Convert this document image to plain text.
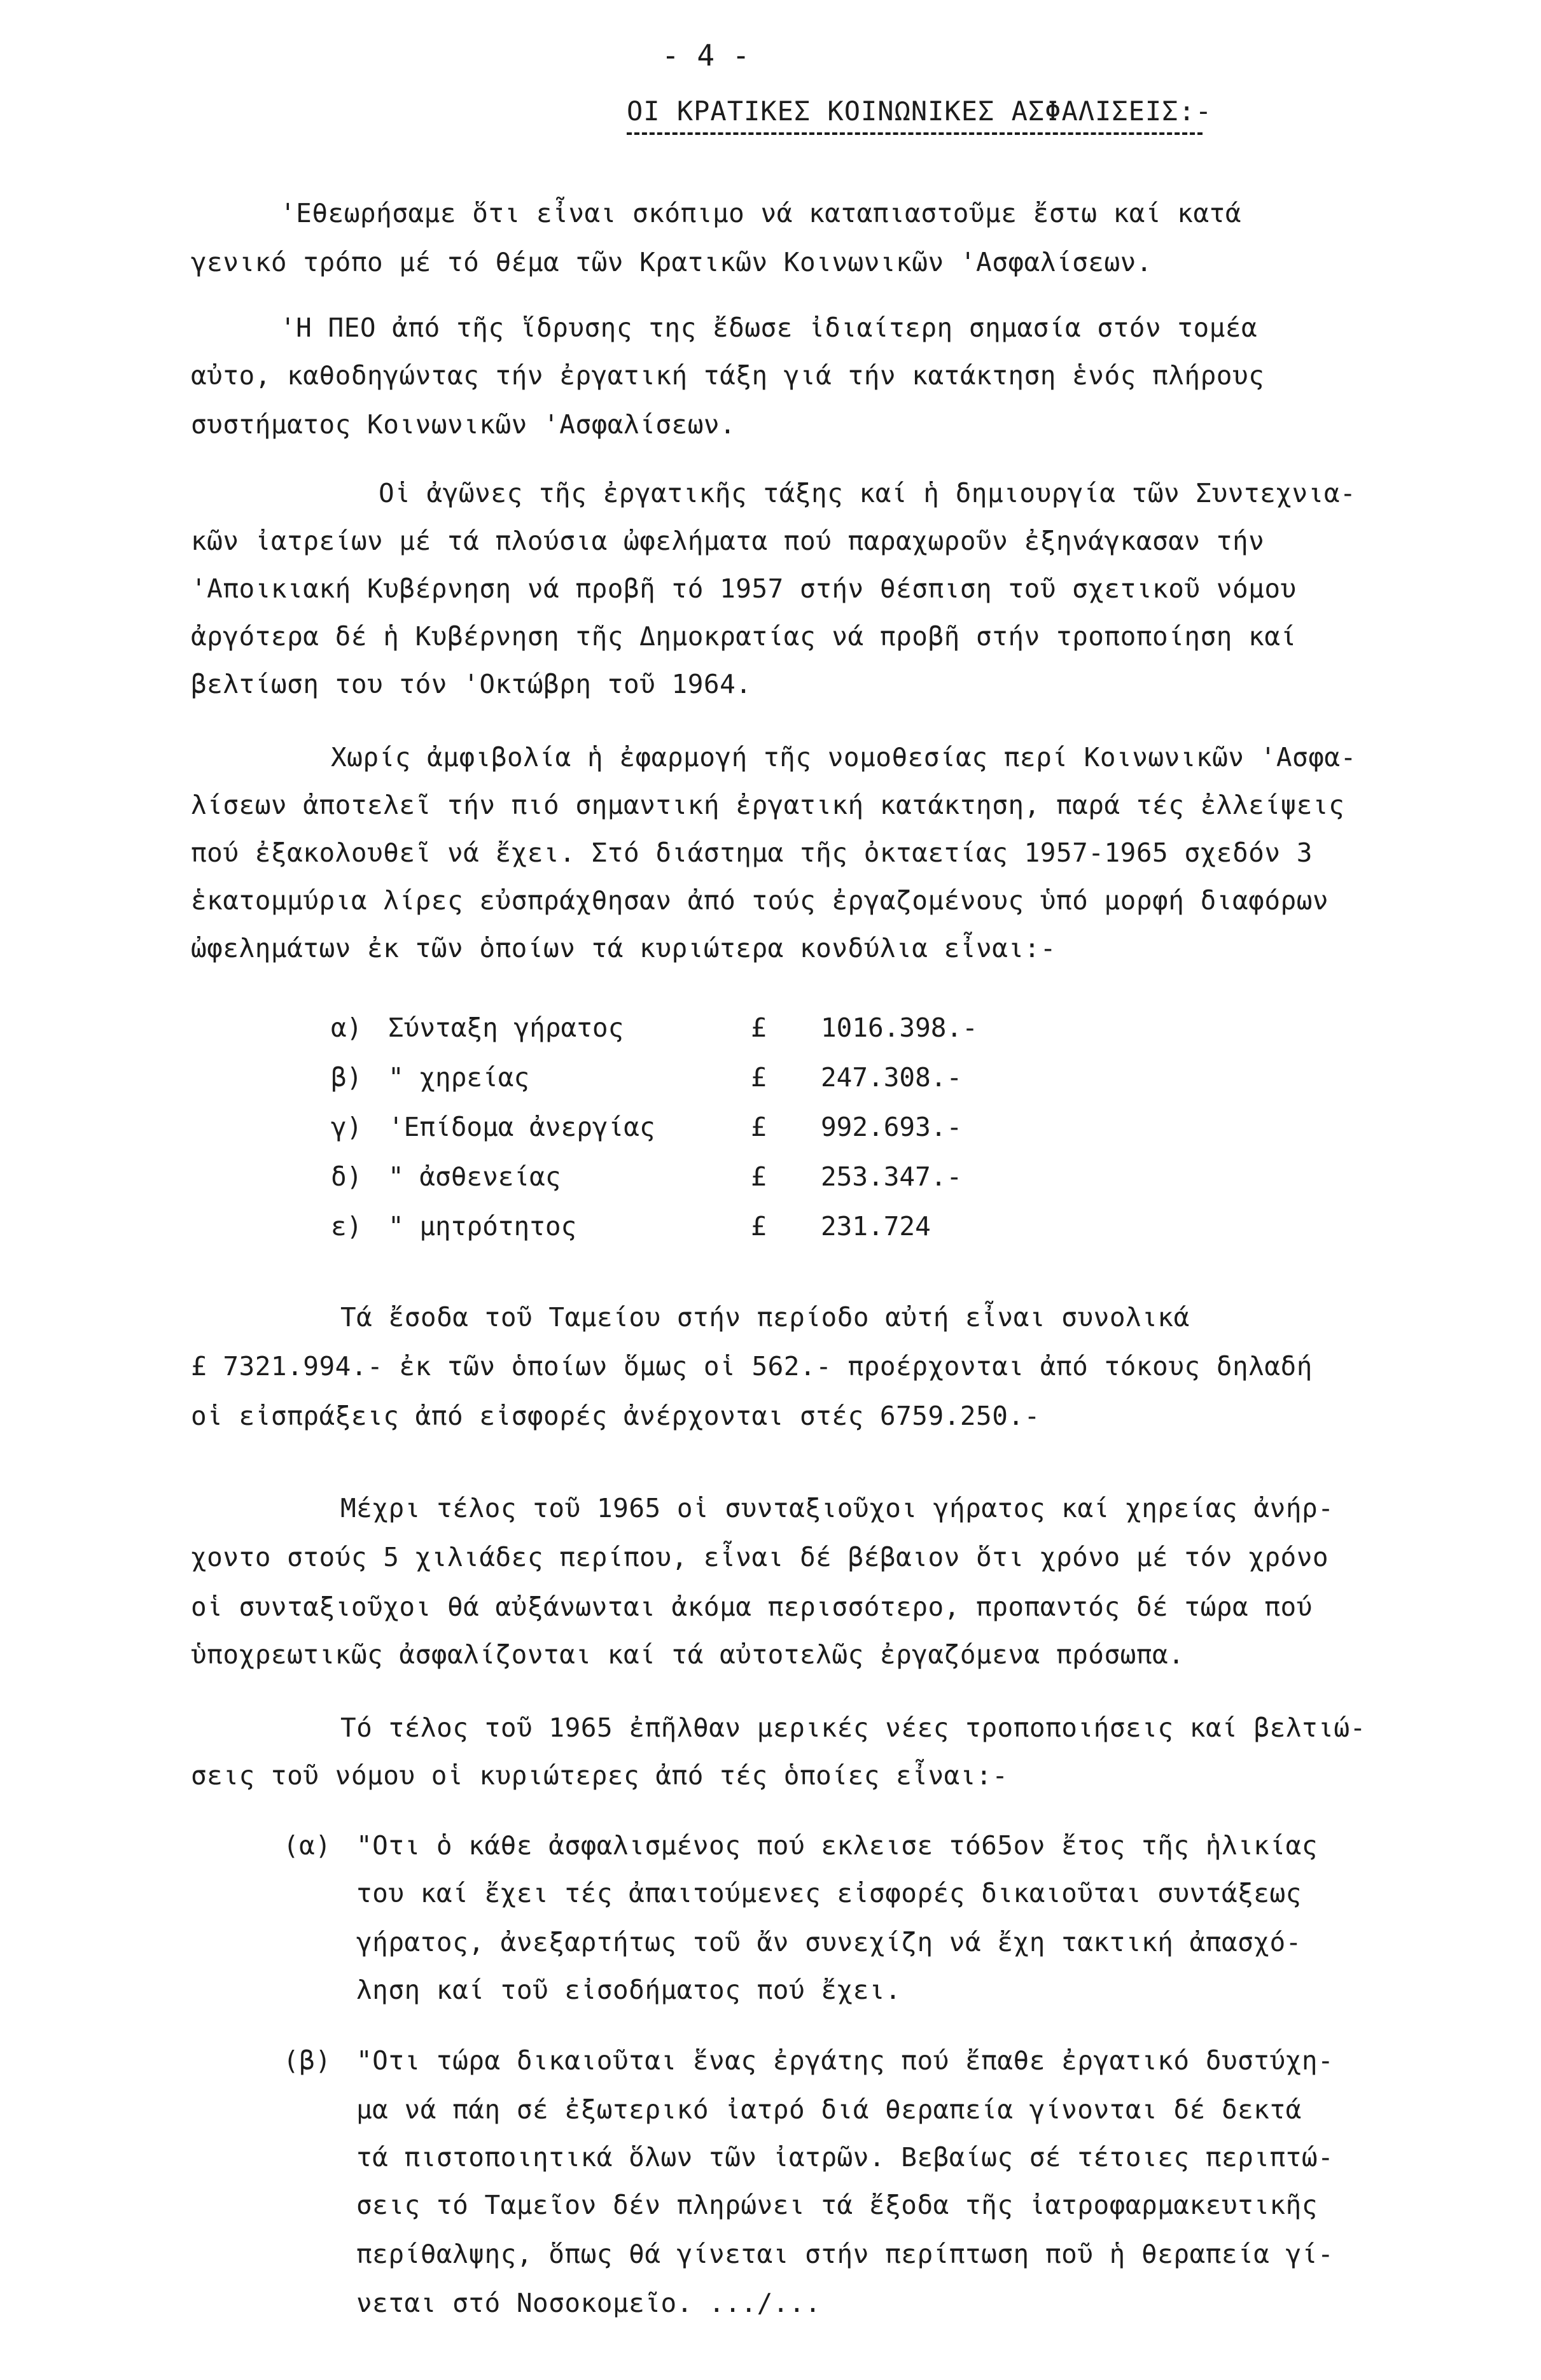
- 4 -
ΟΙ ΚΡΑΤΙΚΕΣ ΚΟΙΝΩΝΙΚΕΣ ΑΣΦΑΛΙΣΕΙΣ:-
'Εθεωρήσαμε ὅτι εἶναι σκόπιμο νά καταπιαστοῦμε ἔστω καί κατά
γενικό τρόπο μέ τό θέμα τῶν Κρατικῶν Κοινωνικῶν 'Ασφαλίσεων.
'Η ΠΕΟ ἀπό τῆς ἵδρυσης της ἔδωσε ἰδιαίτερη σημασία στόν τομέα
αὐτο, καθοδηγώντας τήν ἐργατική τάξη γιά τήν κατάκτηση ἑνός πλήρους
συστήματος Κοινωνικῶν 'Ασφαλίσεων.
Οἱ ἀγῶνες τῆς ἐργατικῆς τάξης καί ἡ δημιουργία τῶν Συντεχνια-
κῶν ἰατρείων μέ τά πλούσια ὠφελήματα πού παραχωροῦν ἐξηνάγκασαν τήν
'Αποικιακή Κυβέρνηση νά προβῆ τό 1957 στήν θέσπιση τοῦ σχετικοῦ νόμου
ἀργότερα δέ ἡ Κυβέρνηση τῆς Δημοκρατίας νά προβῆ στήν τροποποίηση καί
βελτίωση του τόν 'Οκτώβρη τοῦ 1964.
Χωρίς ἀμφιβολία ἡ ἐφαρμογή τῆς νομοθεσίας περί Κοινωνικῶν 'Ασφα-
λίσεων ἀποτελεῖ τήν πιό σημαντική ἐργατική κατάκτηση, παρά τές ἐλλείψεις
πού ἐξακολουθεῖ νά ἔχει. Στό διάστημα τῆς ὀκταετίας 1957-1965 σχεδόν 3
ἑκατομμύρια λίρες εὐσπράχθησαν ἀπό τούς ἐργαζομένους ὑπό μορφή διαφόρων
ὠφελημάτων ἐκ τῶν ὁποίων τά κυριώτερα κονδύλια εἶναι:-
α) Σύνταξη γήρατος	£ 1016.398.-
β) " χηρείας	£ 247.308.-
γ) 'Επίδομα ἀνεργίας	£ 992.693.-
δ) " ἀσθενείας	£ 253.347.-
ε) " μητρότητος	£ 231.724
Τά ἔσοδα τοῦ Ταμείου στήν περίοδο αὐτή εἶναι συνολικά
£ 7321.994.- ἐκ τῶν ὁποίων ὅμως οἱ 562.- προέρχονται ἀπό τόκους δηλαδή
οἱ εἰσπράξεις ἀπό εἰσφορές ἀνέρχονται στές 6759.250.-
Μέχρι τέλος τοῦ 1965 οἱ συνταξιοῦχοι γήρατος καί χηρείας ἀνήρ-
χοντο στούς 5 χιλιάδες περίπου, εἶναι δέ βέβαιον ὅτι χρόνο μέ τόν χρόνο
οἱ συνταξιοῦχοι θά αὐξάνωνται ἀκόμα περισσότερο, προπαντός δέ τώρα πού
ὑποχρεωτικῶς ἀσφαλίζονται καί τά αὐτοτελῶς ἐργαζόμενα πρόσωπα.
Τό τέλος τοῦ 1965 ἐπῆλθαν μερικές νέες τροποποιήσεις καί βελτιώ-
σεις τοῦ νόμου οἱ κυριώτερες ἀπό τές ὁποίες εἶναι:-
(α) "Οτι ὁ κάθε ἀσφαλισμένος πού εκλεισε τό65ον ἔτος τῆς ἡλικίας
του καί ἔχει τές ἀπαιτούμενες εἰσφορές δικαιοῦται συντάξεως
γήρατος, ἀνεξαρτήτως τοῦ ἄν συνεχίζη νά ἔχη τακτική ἀπασχό-
ληση καί τοῦ εἰσοδήματος πού ἔχει.
(β) "Οτι τώρα δικαιοῦται ἕνας ἐργάτης πού ἔπαθε ἐργατικό δυστύχη-
μα νά πάη σέ ἐξωτερικό ἰατρό διά θεραπεία γίνονται δέ δεκτά
τά πιστοποιητικά ὅλων τῶν ἰατρῶν. Βεβαίως σέ τέτοιες περιπτώ-
σεις τό Ταμεῖον δέν πληρώνει τά ἔξοδα τῆς ἰατροφαρμακευτικῆς
περίθαλψης, ὅπως θά γίνεται στήν περίπτωση ποῦ ἡ θεραπεία γί-
νεται στό Νοσοκομεῖο. .../...
